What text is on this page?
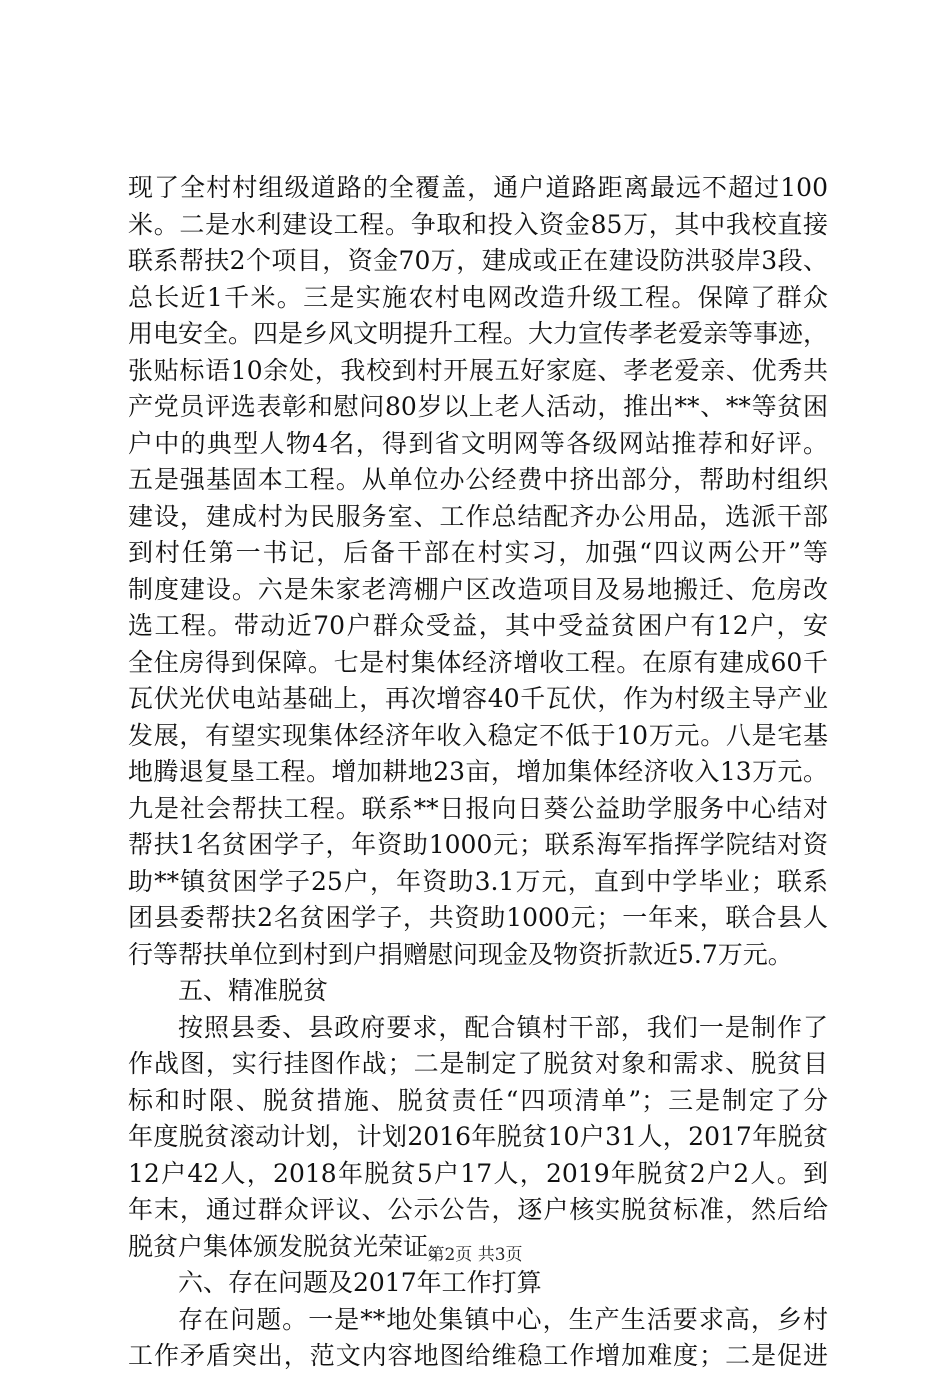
现了全村村组级道路的全覆盖，通户道路距离最远不超过100
米。二是水利建设工程。争取和投入资金85万，其中我校直接
联系帮扶2个项目，资金70万，建成或正在建设防洪驳岸3段、
总长近1千米。三是实施农村电网改造升级工程。保障了群众
用电安全。四是乡风文明提升工程。大力宣传孝老爱亲等事迹，
张贴标语10余处，我校到村开展五好家庭、孝老爱亲、优秀共
产党员评选表彰和慰问80岁以上老人活动，推出**、**等贫困
户中的典型人物4名，得到省文明网等各级网站推荐和好评。
五是强基固本工程。从单位办公经费中挤出部分，帮助村组织
建设，建成村为民服务室、工作总结配齐办公用品，选派干部
到村任第一书记，后备干部在村实习，加强“四议两公开”等
制度建设。六是朱家老湾棚户区改造项目及易地搬迁、危房改
选工程。带动近70户群众受益，其中受益贫困户有12户，安
全住房得到保障。七是村集体经济增收工程。在原有建成60千
瓦伏光伏电站基础上，再次增容40千瓦伏，作为村级主导产业
发展，有望实现集体经济年收入稳定不低于10万元。八是宅基
地腾退复垦工程。增加耕地23亩，增加集体经济收入13万元。
九是社会帮扶工程。联系**日报向日葵公益助学服务中心结对
帮扶1名贫困学子，年资助1000元；联系海军指挥学院结对资
助**镇贫困学子25户，年资助3.1万元，直到中学毕业；联系
团县委帮扶2名贫困学子，共资助1000元；一年来，联合县人
行等帮扶单位到村到户捐赠慰问现金及物资折款近5.7万元。
五、精准脱贫
按照县委、县政府要求，配合镇村干部，我们一是制作了
作战图，实行挂图作战；二是制定了脱贫对象和需求、脱贫目
标和时限、脱贫措施、脱贫责任“四项清单”；三是制定了分
年度脱贫滚动计划，计划2016年脱贫10户31人，2017年脱贫
12户42人，2018年脱贫5户17人，2019年脱贫2户2人。到
年末，通过群众评议、公示公告，逐户核实脱贫标准，然后给
脱贫户集体颁发脱贫光荣证。
六、存在问题及2017年工作打算
存在问题。一是**地处集镇中心，生产生活要求高，乡村
工作矛盾突出，范文内容地图给维稳工作增加难度；二是促进
第2页 共3页
